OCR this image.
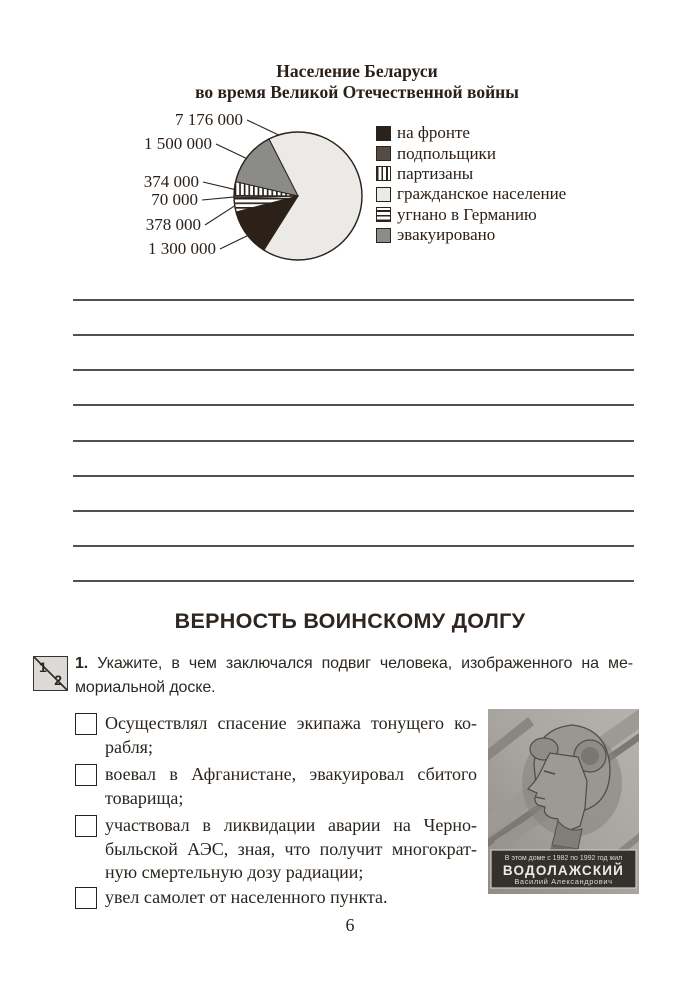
Население Беларуси
во время Великой Отечественной войны
7 176 000
1 500 000
374 000
70 000
378 000
1 300 000
на фронте
подпольщики
партизаны
гражданское население
угнано в Германию
эвакуировано
ВЕРНОСТЬ ВОИНСКОМУ ДОЛГУ
1
2
1. Укажите, в чем заключался подвиг человека, изображенного на ме-
мориальной доске.
Осуществлял спасение экипажа тонущего ко-
рабля;
воевал в Афганистане, эвакуировал сбитого
товарища;
участвовал в ликвидации аварии на Черно-
быльской АЭС, зная, что получит многократ-
ную смертельную дозу радиации;
увел самолет от населенного пункта.
В этом доме с 1982 по 1992 год жил
ВОДОЛАЖСКИЙ
Василий Александрович
6
